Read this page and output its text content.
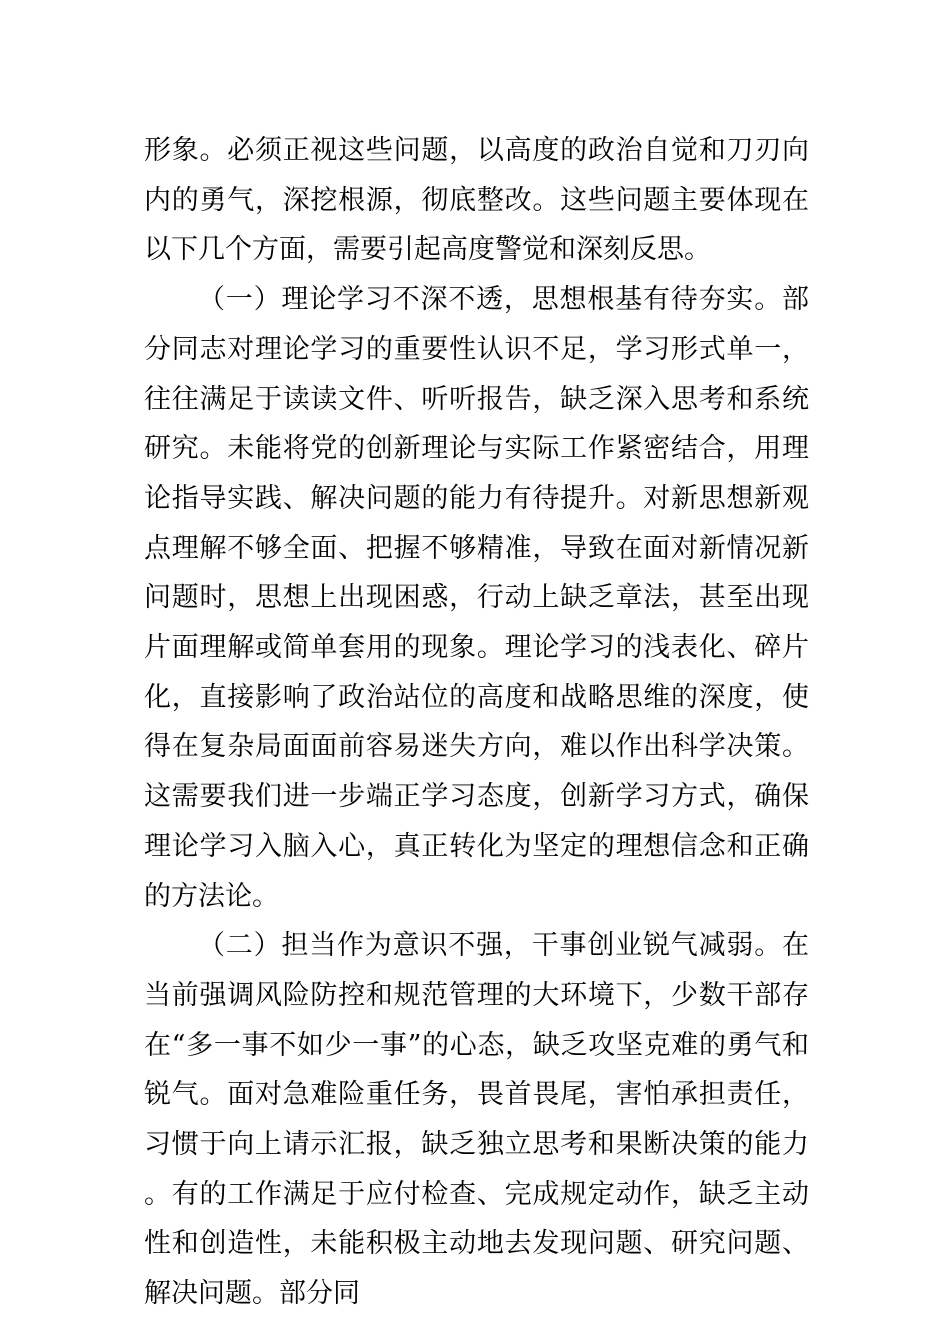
形象。必须正视这些问题，以高度的政治自觉和刀刃向内的勇气，深挖根源，彻底整改。这些问题主要体现在以下几个方面，需要引起高度警觉和深刻反思。

（一）理论学习不深不透，思想根基有待夯实。部分同志对理论学习的重要性认识不足，学习形式单一，往往满足于读读文件、听听报告，缺乏深入思考和系统研究。未能将党的创新理论与实际工作紧密结合，用理论指导实践、解决问题的能力有待提升。对新思想新观点理解不够全面、把握不够精准，导致在面对新情况新问题时，思想上出现困惑，行动上缺乏章法，甚至出现片面理解或简单套用的现象。理论学习的浅表化、碎片化，直接影响了政治站位的高度和战略思维的深度，使得在复杂局面面前容易迷失方向，难以作出科学决策。这需要我们进一步端正学习态度，创新学习方式，确保理论学习入脑入心，真正转化为坚定的理想信念和正确的方法论。

（二）担当作为意识不强，干事创业锐气减弱。在当前强调风险防控和规范管理的大环境下，少数干部存在“多一事不如少一事”的心态，缺乏攻坚克难的勇气和锐气。面对急难险重任务，畏首畏尾，害怕承担责任，习惯于向上请示汇报，缺乏独立思考和果断决策的能力。有的工作满足于应付检查、完成规定动作，缺乏主动性和创造性，未能积极主动地去发现问题、研究问题、解决问题。部分同
